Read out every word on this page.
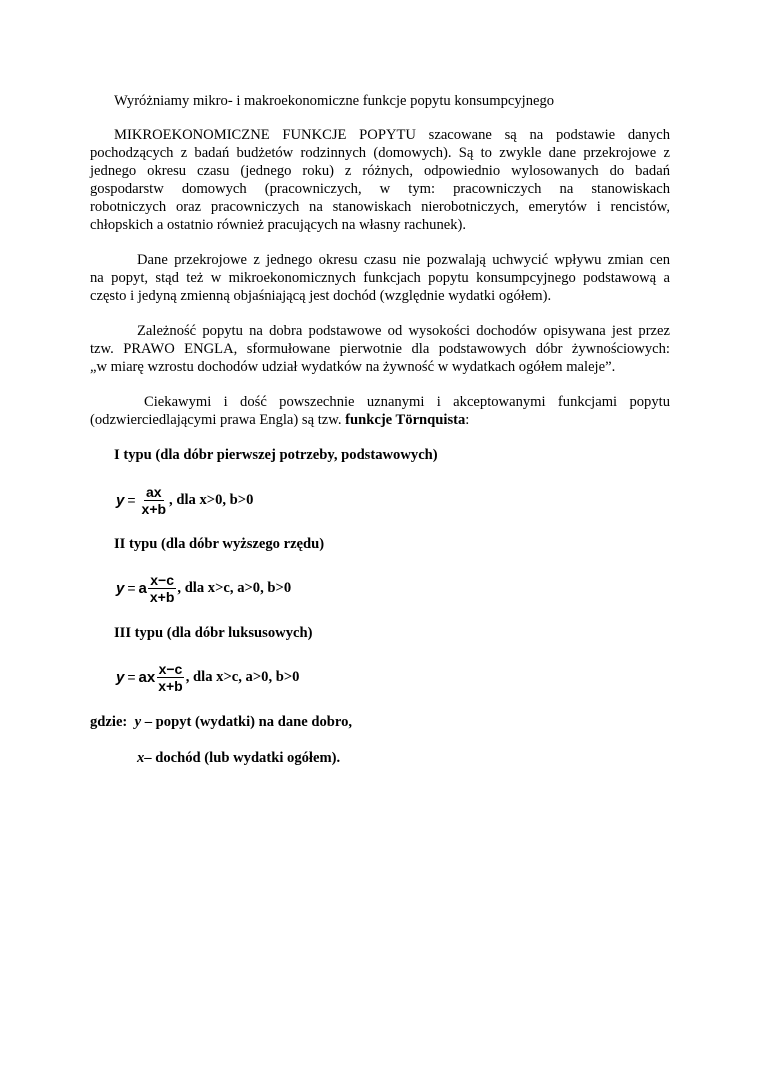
Wyróżniamy mikro- i makroekonomiczne funkcje popytu konsumpcyjnego
MIKROEKONOMICZNE FUNKCJE POPYTU szacowane są na podstawie danych
pochodzących z badań budżetów rodzinnych (domowych). Są to zwykle dane przekrojowe z
jednego okresu czasu (jednego roku) z różnych, odpowiednio wylosowanych do badań
gospodarstw domowych (pracowniczych, w tym: pracowniczych na stanowiskach
robotniczych oraz pracowniczych na stanowiskach nierobotniczych, emerytów i rencistów,
chłopskich a ostatnio również pracujących na własny rachunek).
Dane przekrojowe z jednego okresu czasu nie pozwalają uchwycić wpływu zmian cen
na popyt, stąd też w mikroekonomicznych funkcjach popytu konsumpcyjnego podstawową a
często i jedyną zmienną objaśniającą jest dochód (względnie wydatki ogółem).
Zależność popytu na dobra podstawowe od wysokości dochodów opisywana jest przez
tzw. PRAWO ENGLA, sformułowane pierwotnie dla podstawowych dóbr żywnościowych:
„w miarę wzrostu dochodów udział wydatków na żywność w wydatkach ogółem maleje”.
Ciekawymi i dość powszechnie uznanymi i akceptowanymi funkcjami popytu
(odzwierciedlającymi prawa Engla) są tzw. funkcje Törnquista:
I typu (dla dóbr pierwszej potrzeby, podstawowych)
$y = \frac{ax}{x+b}$ , dla x>0, b>0
II typu (dla dóbr wyższego rzędu)
y = a $\frac{x-c}{x+b}$ , dla x>c, a>0, b>0
III typu (dla dóbr luksusowych)
y = ax $\frac{x-c}{x+b}$ , dla x>c, a>0, b>0
gdzie: y – popyt (wydatki) na dane dobro,
x– dochód (lub wydatki ogółem).
